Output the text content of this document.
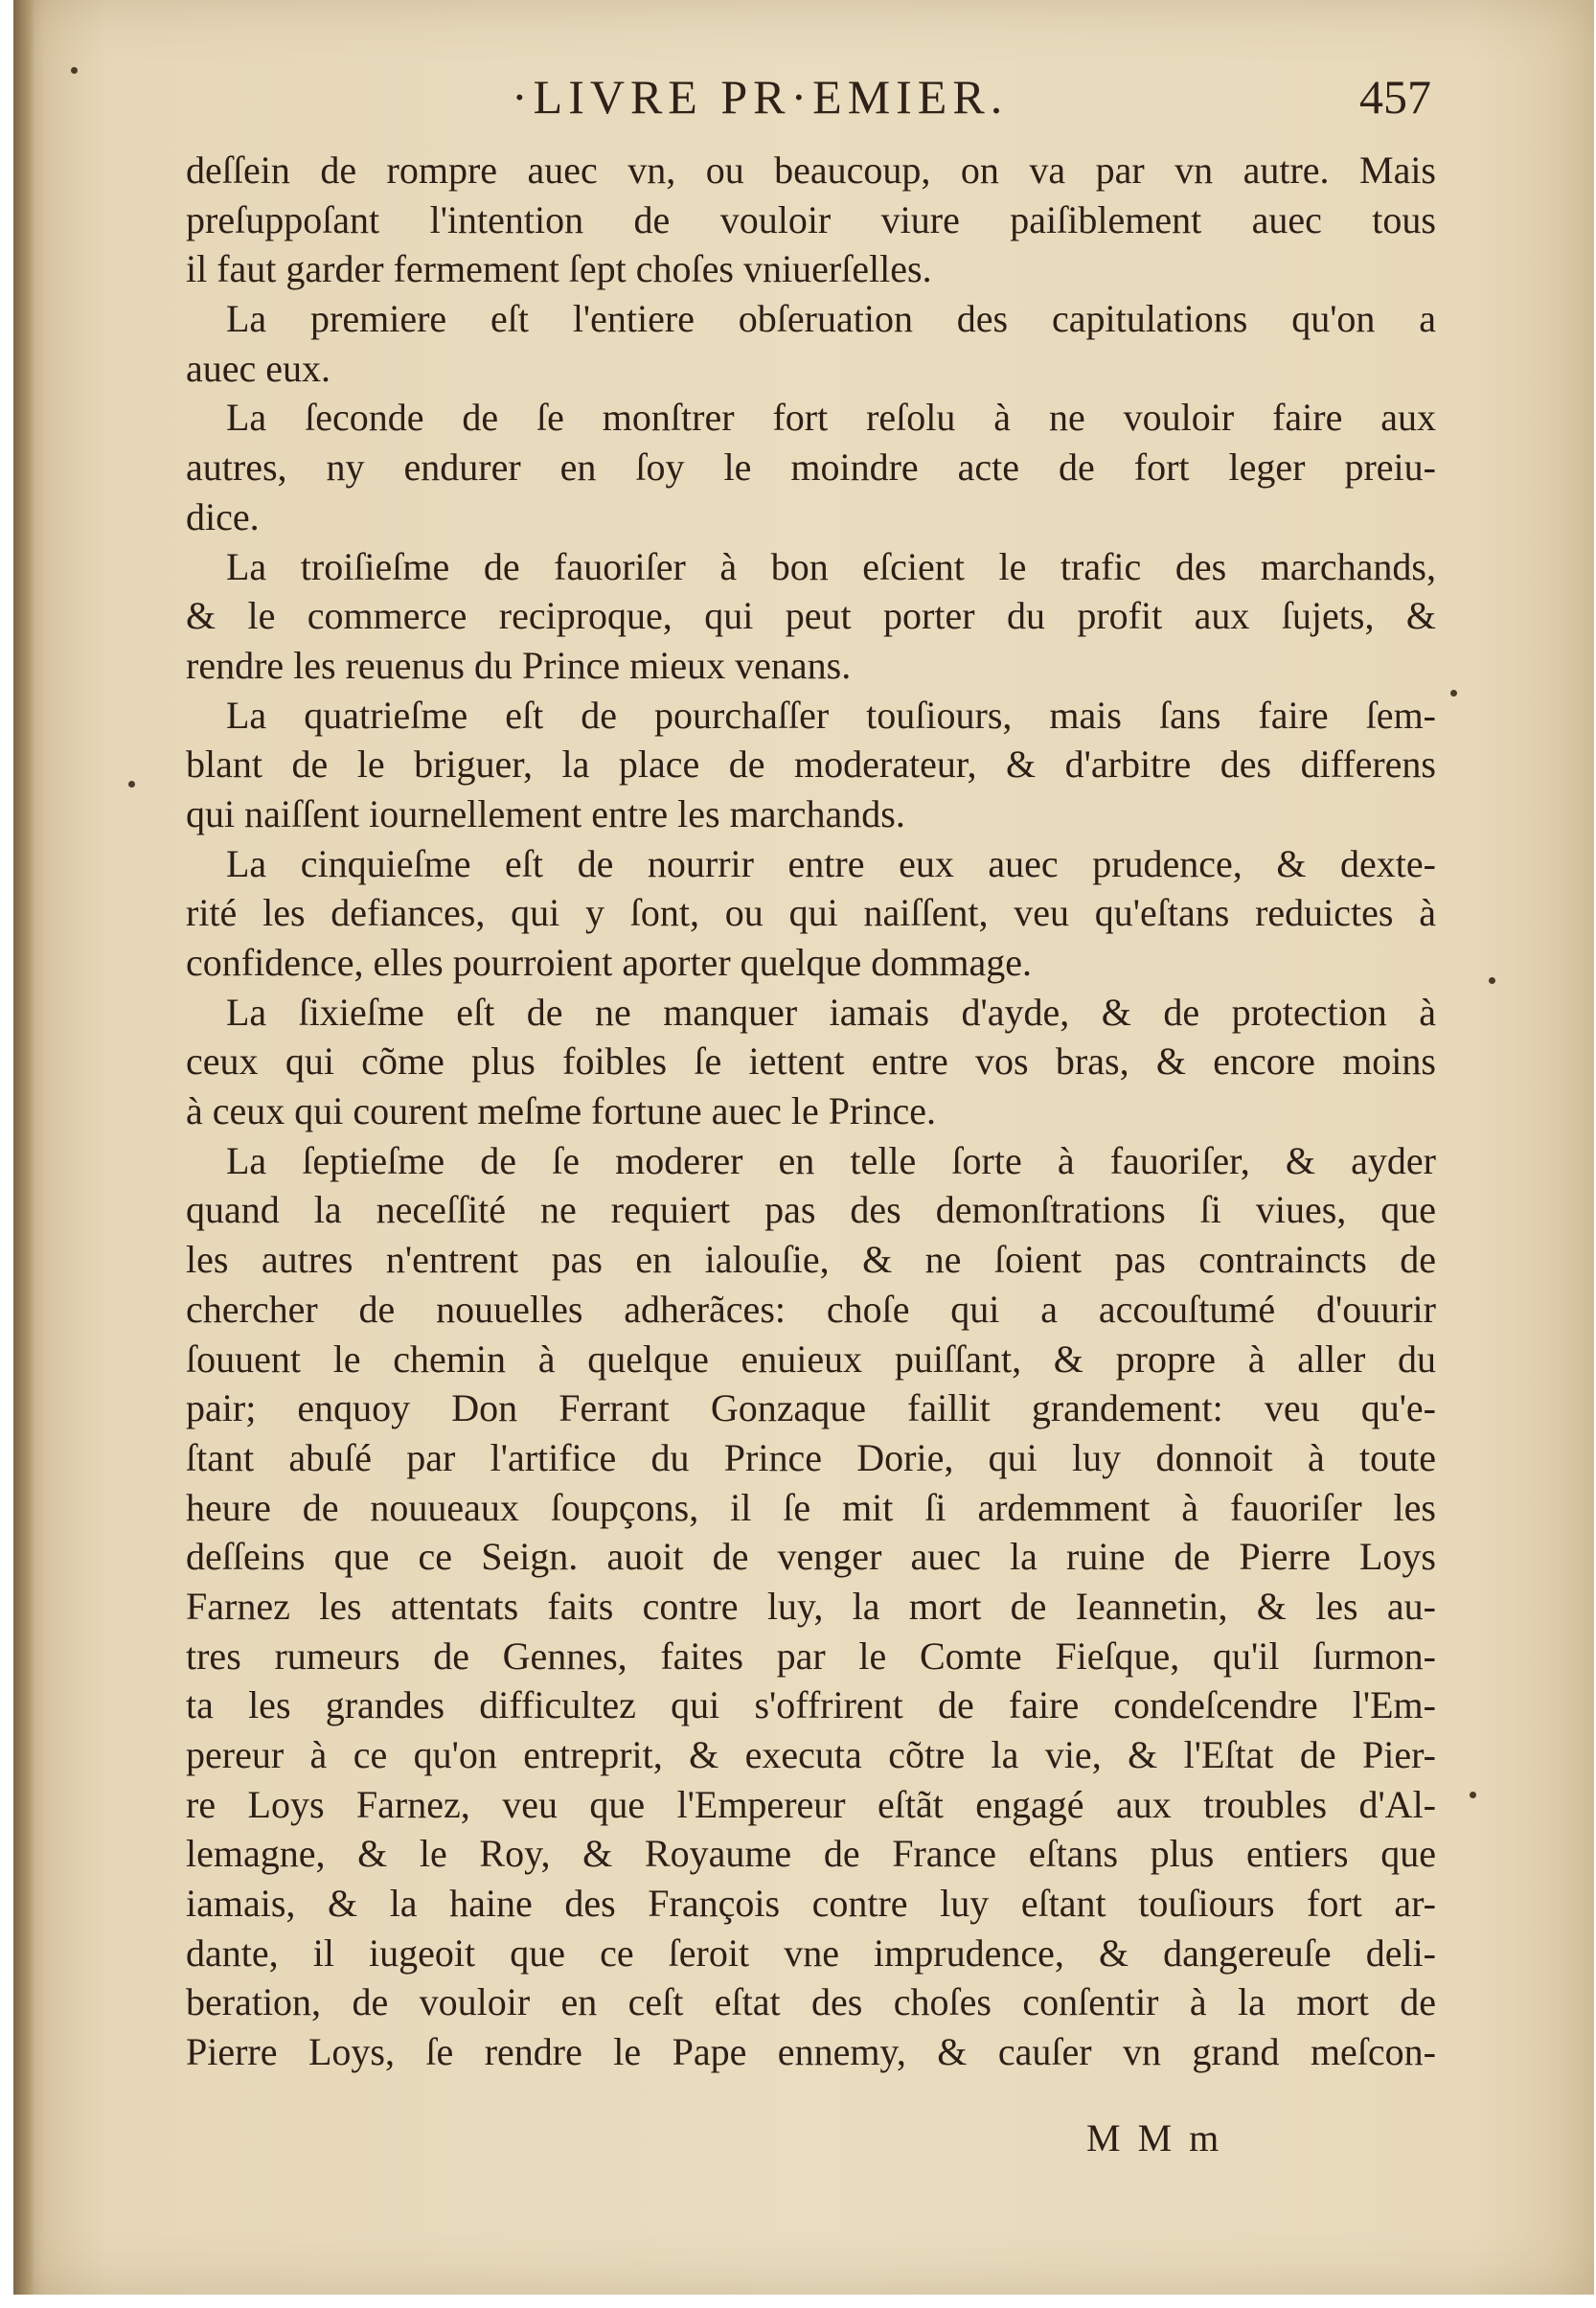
·LIVRE PR·EMIER.	457
deſſein de rompre auec vn, ou beaucoup, on va par vn autre. Mais
preſuppoſant l'intention de vouloir viure paiſiblement auec tous
il faut garder fermement ſept choſes vniuerſelles.
La premiere eſt l'entiere obſeruation des capitulations qu'on a
auec eux.
La ſeconde de ſe monſtrer fort reſolu à ne vouloir faire aux
autres, ny endurer en ſoy le moindre acte de fort leger preiu-
dice.
La troiſieſme de fauoriſer à bon eſcient le trafic des marchands,
& le commerce reciproque, qui peut porter du profit aux ſujets, &
rendre les reuenus du Prince mieux venans.
La quatrieſme eſt de pourchaſſer touſiours, mais ſans faire ſem-
blant de le briguer, la place de moderateur, & d'arbitre des differens
qui naiſſent iournellement entre les marchands.
La cinquieſme eſt de nourrir entre eux auec prudence, & dexte-
rité les defiances, qui y ſont, ou qui naiſſent, veu qu'eſtans reduictes à
confidence, elles pourroient aporter quelque dommage.
La ſixieſme eſt de ne manquer iamais d'ayde, & de protection à
ceux qui cõme plus foibles ſe iettent entre vos bras, & encore moins
à ceux qui courent meſme fortune auec le Prince.
La ſeptieſme de ſe moderer en telle ſorte à fauoriſer, & ayder
quand la neceſſité ne requiert pas des demonſtrations ſi viues, que
les autres n'entrent pas en ialouſie, & ne ſoient pas contraincts de
chercher de nouuelles adherãces: choſe qui a accouſtumé d'ouurir
ſouuent le chemin à quelque enuieux puiſſant, & propre à aller du
pair; enquoy Don Ferrant Gonzaque faillit grandement: veu qu'e-
ſtant abuſé par l'artifice du Prince Dorie, qui luy donnoit à toute
heure de nouueaux ſoupçons, il ſe mit ſi ardemment à fauoriſer les
deſſeins que ce Seign. auoit de venger auec la ruine de Pierre Loys
Farnez les attentats faits contre luy, la mort de Ieannetin, & les au-
tres rumeurs de Gennes, faites par le Comte Fieſque, qu'il ſurmon-
ta les grandes difficultez qui s'offrirent de faire condeſcendre l'Em-
pereur à ce qu'on entreprit, & executa cõtre la vie, & l'Eſtat de Pier-
re Loys Farnez, veu que l'Empereur eſtãt engagé aux troubles d'Al-
lemagne, & le Roy, & Royaume de France eſtans plus entiers que
iamais, & la haine des François contre luy eſtant touſiours fort ar-
dante, il iugeoit que ce ſeroit vne imprudence, & dangereuſe deli-
beration, de vouloir en ceſt eſtat des choſes conſentir à la mort de
Pierre Loys, ſe rendre le Pape ennemy, & cauſer vn grand meſcon-
M M m
